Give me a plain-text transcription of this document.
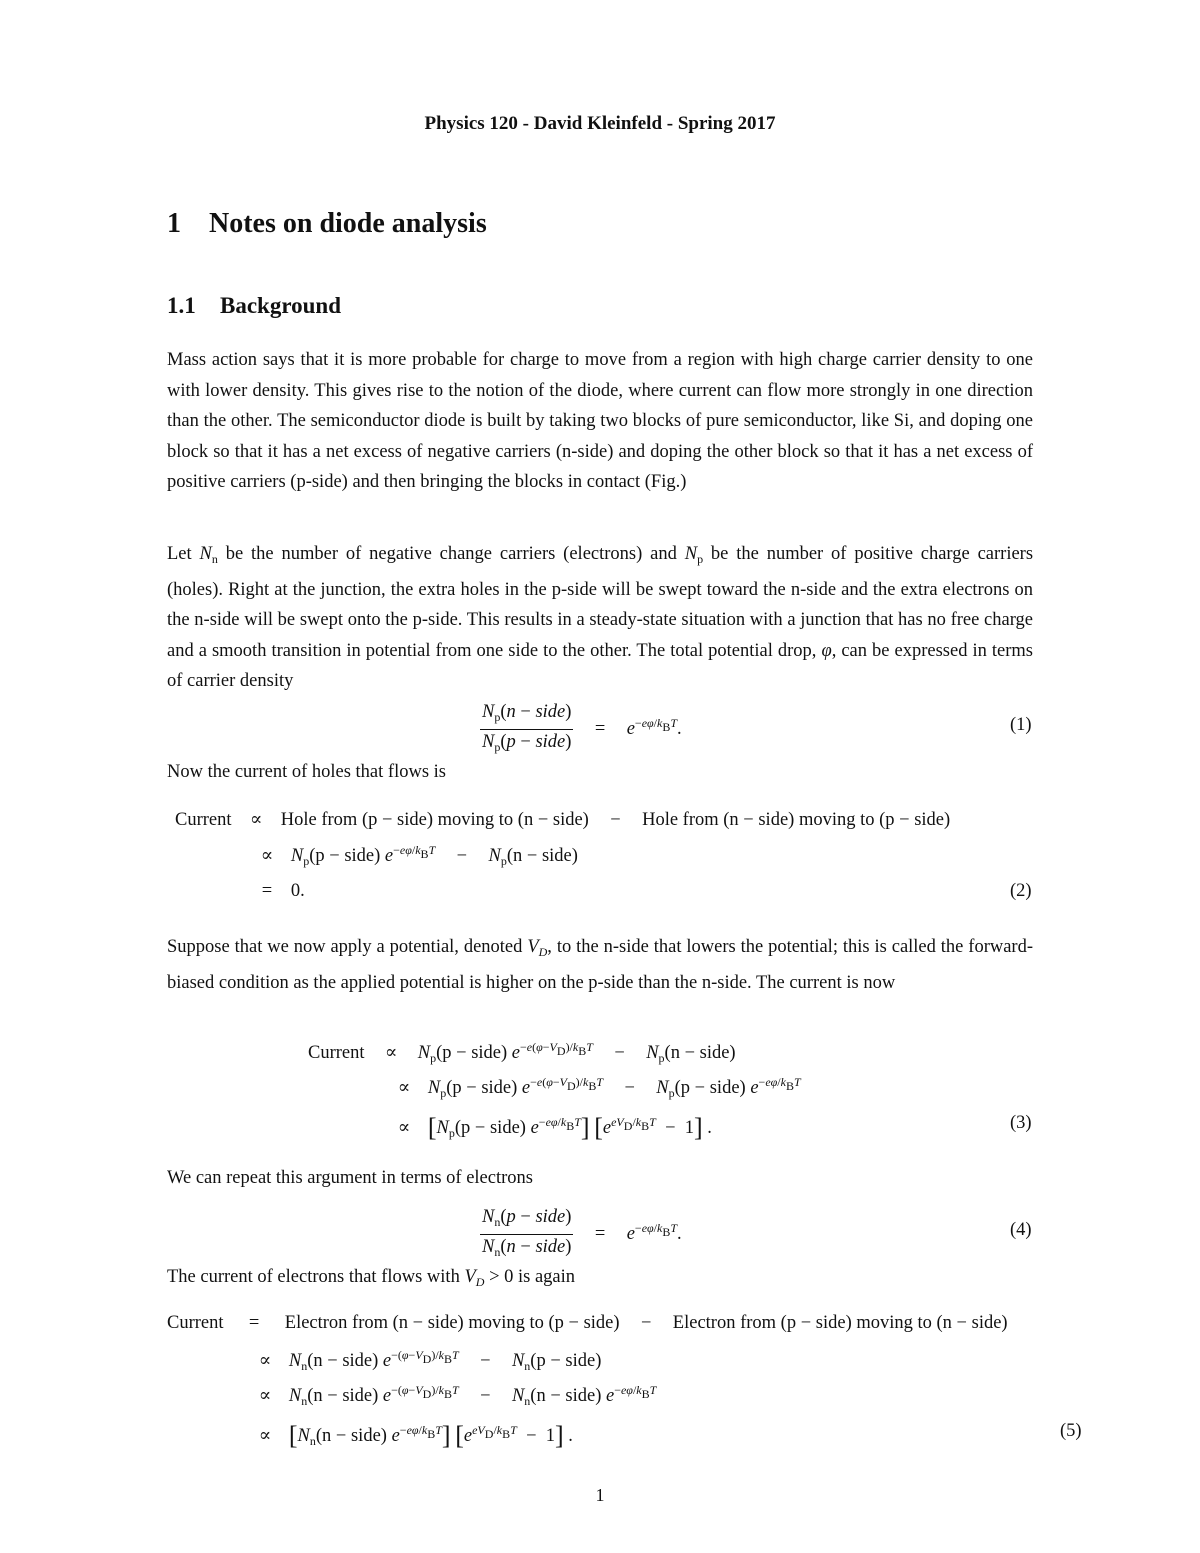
Physics 120 - David Kleinfeld - Spring 2017
1 Notes on diode analysis
1.1 Background

Mass action says that it is more probable for charge to move from a region with high charge carrier density to one with lower density. This gives rise to the notion of the diode, where current can flow more strongly in one direction than the other. The semiconductor diode is built by taking two blocks of pure semiconductor, like Si, and doping one block so that it has a net excess of negative carriers (n-side) and doping the other block so that it has a net excess of positive carriers (p-side) and then bringing the blocks in contact (Fig.)

Let $N_n$ be the number of negative change carriers (electrons) and $N_p$ be the number of positive charge carriers (holes). Right at the junction, the extra holes in the p-side will be swept toward the n-side and the extra electrons on the n-side will be swept onto the p-side. This results in a steady-state situation with a junction that has no free charge and a smooth transition in potential from one side to the other. The total potential drop, φ, can be expressed in terms of carrier density

$\frac{N_p(n - side)}{N_p(p - side)} = e^{-e\varphi/k_BT}$.	(1)
Now the current of holes that flows is
Current ∝ Hole from (p − side) moving to (n − side) − Hole from (n − side) moving to (p − side)
∝ $N_p(p$ − side) $e^{-e\varphi/k_BT} - N_p(n$ − side)
=   0.	(2)

Suppose that we now apply a potential, denoted $V_D$, to the n-side that lowers the potential; this is called the forward-biased condition as the applied potential is higher on the p-side than the n-side. The current is now

Current ∝ $N_p(p$ − side) $e^{-e(\varphi-V_D)/k_BT} - N_p(n$ − side)
∝ $N_p(p$ − side) $e^{-e(\varphi-V_D)/k_BT} - N_p(p$ − side) $e^{-e\varphi/k_BT}$
∝ [$N_p(p$ − side) $e^{-e\varphi/k_BT}$] $[e^{eV_D/k_BT} - 1]$ .	(3)
We can repeat this argument in terms of electrons
$\frac{N_n(p - side)}{N_n(n - side)} = e^{-e\varphi/k_BT}$.	(4)
The current of electrons that flows with $V_D > 0$ is again
Current = Electron from (n − side) moving to (p − side) − Electron from (p − side) moving to (n − side)
∝ $N_n(n$ − side) $e^{-(\varphi-V_D)/k_BT} - N_n(p$ − side)
∝ $N_n(n$ − side) $e^{-(\varphi-V_D)/k_BT} - N_n(n$ − side) $e^{-e\varphi/k_BT}$
∝ [$N_n(n$ − side) $e^{-e\varphi/k_BT}$] $[e^{eV_D/k_BT} - 1]$ .	(5)
1
